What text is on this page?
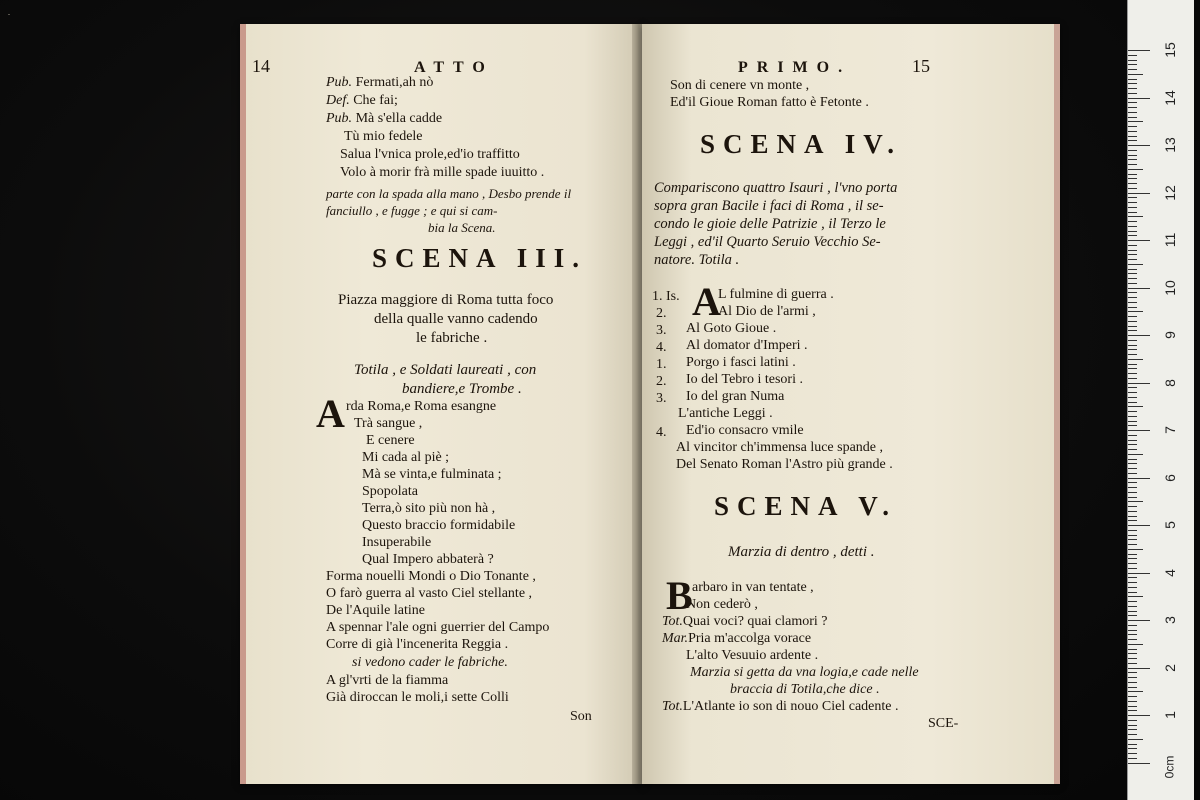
.
14	ATTO
Pub. Fermati,ah nò
Def. Che fai;
Pub. Mà s'ella cadde
Tù mio fedele
Salua l'vnica prole,ed'io traffitto
Volo à morir frà mille spade iuuitto .
parte con la spada alla mano , Desbo prende il
fanciullo , e fugge ; e qui si cam-
bia la Scena.
SCENA III.
Piazza maggiore di Roma tutta foco
della qualle vanno cadendo
le fabriche .
Totila , e Soldati laureati , con
bandiere,e Trombe .
A rda Roma,e Roma esangne
Trà sangue ,
E cenere
Mi cada al piè ;
Mà se vinta,e fulminata ;
Spopolata
Terra,ò sito più non hà ,
Questo braccio formidabile
Insuperabile
Qual Impero abbaterà ?
Forma nouelli Mondi o Dio Tonante ,
O farò guerra al vasto Ciel stellante ,
De l'Aquile latine
A spennar l'ale ogni guerrier del Campo
Corre di già l'incenerita Reggia .
si vedono cader le fabriche.
A gl'vrti de la fiamma
Già diroccan le moli,i sette Colli
Son
PRIMO.	15
Son di cenere vn monte ,
Ed'il Gioue Roman fatto è Fetonte .
SCENA IV.
Compariscono quattro Isauri , l'vno porta
sopra gran Bacile i faci di Roma , il se-
condo le gioie delle Patrizie , il Terzo le
Leggi , ed'il Quarto Seruio Vecchio Se-
natore. Totila .
A
1. Is.	L fulmine di guerra .
2.	Al Dio de l'armi ,
3. Al Goto Gioue .
4. Al domator d'Imperi .
1. Porgo i fasci latini .
2. Io del Tebro i tesori .
3. Io del gran Numa
L'antiche Leggi .
4. Ed'io consacro vmile
Al vincitor ch'immensa luce spande ,
Del Senato Roman l'Astro più grande .
SCENA V.
Marzia di dentro , detti .
B arbaro in van tentate ,
Non cederò ,
Tot.Quai voci? quai clamori ?
Mar.Pria m'accolga vorace
L'alto Vesuuio ardente .
Marzia si getta da vna logia,e cade nelle
braccia di Totila,che dice .
Tot.L'Atlante io son di nouo Ciel cadente .
SCE-
0cm
15
14
13
12
11
10
9
8
7
6
5
4
3
2
1
